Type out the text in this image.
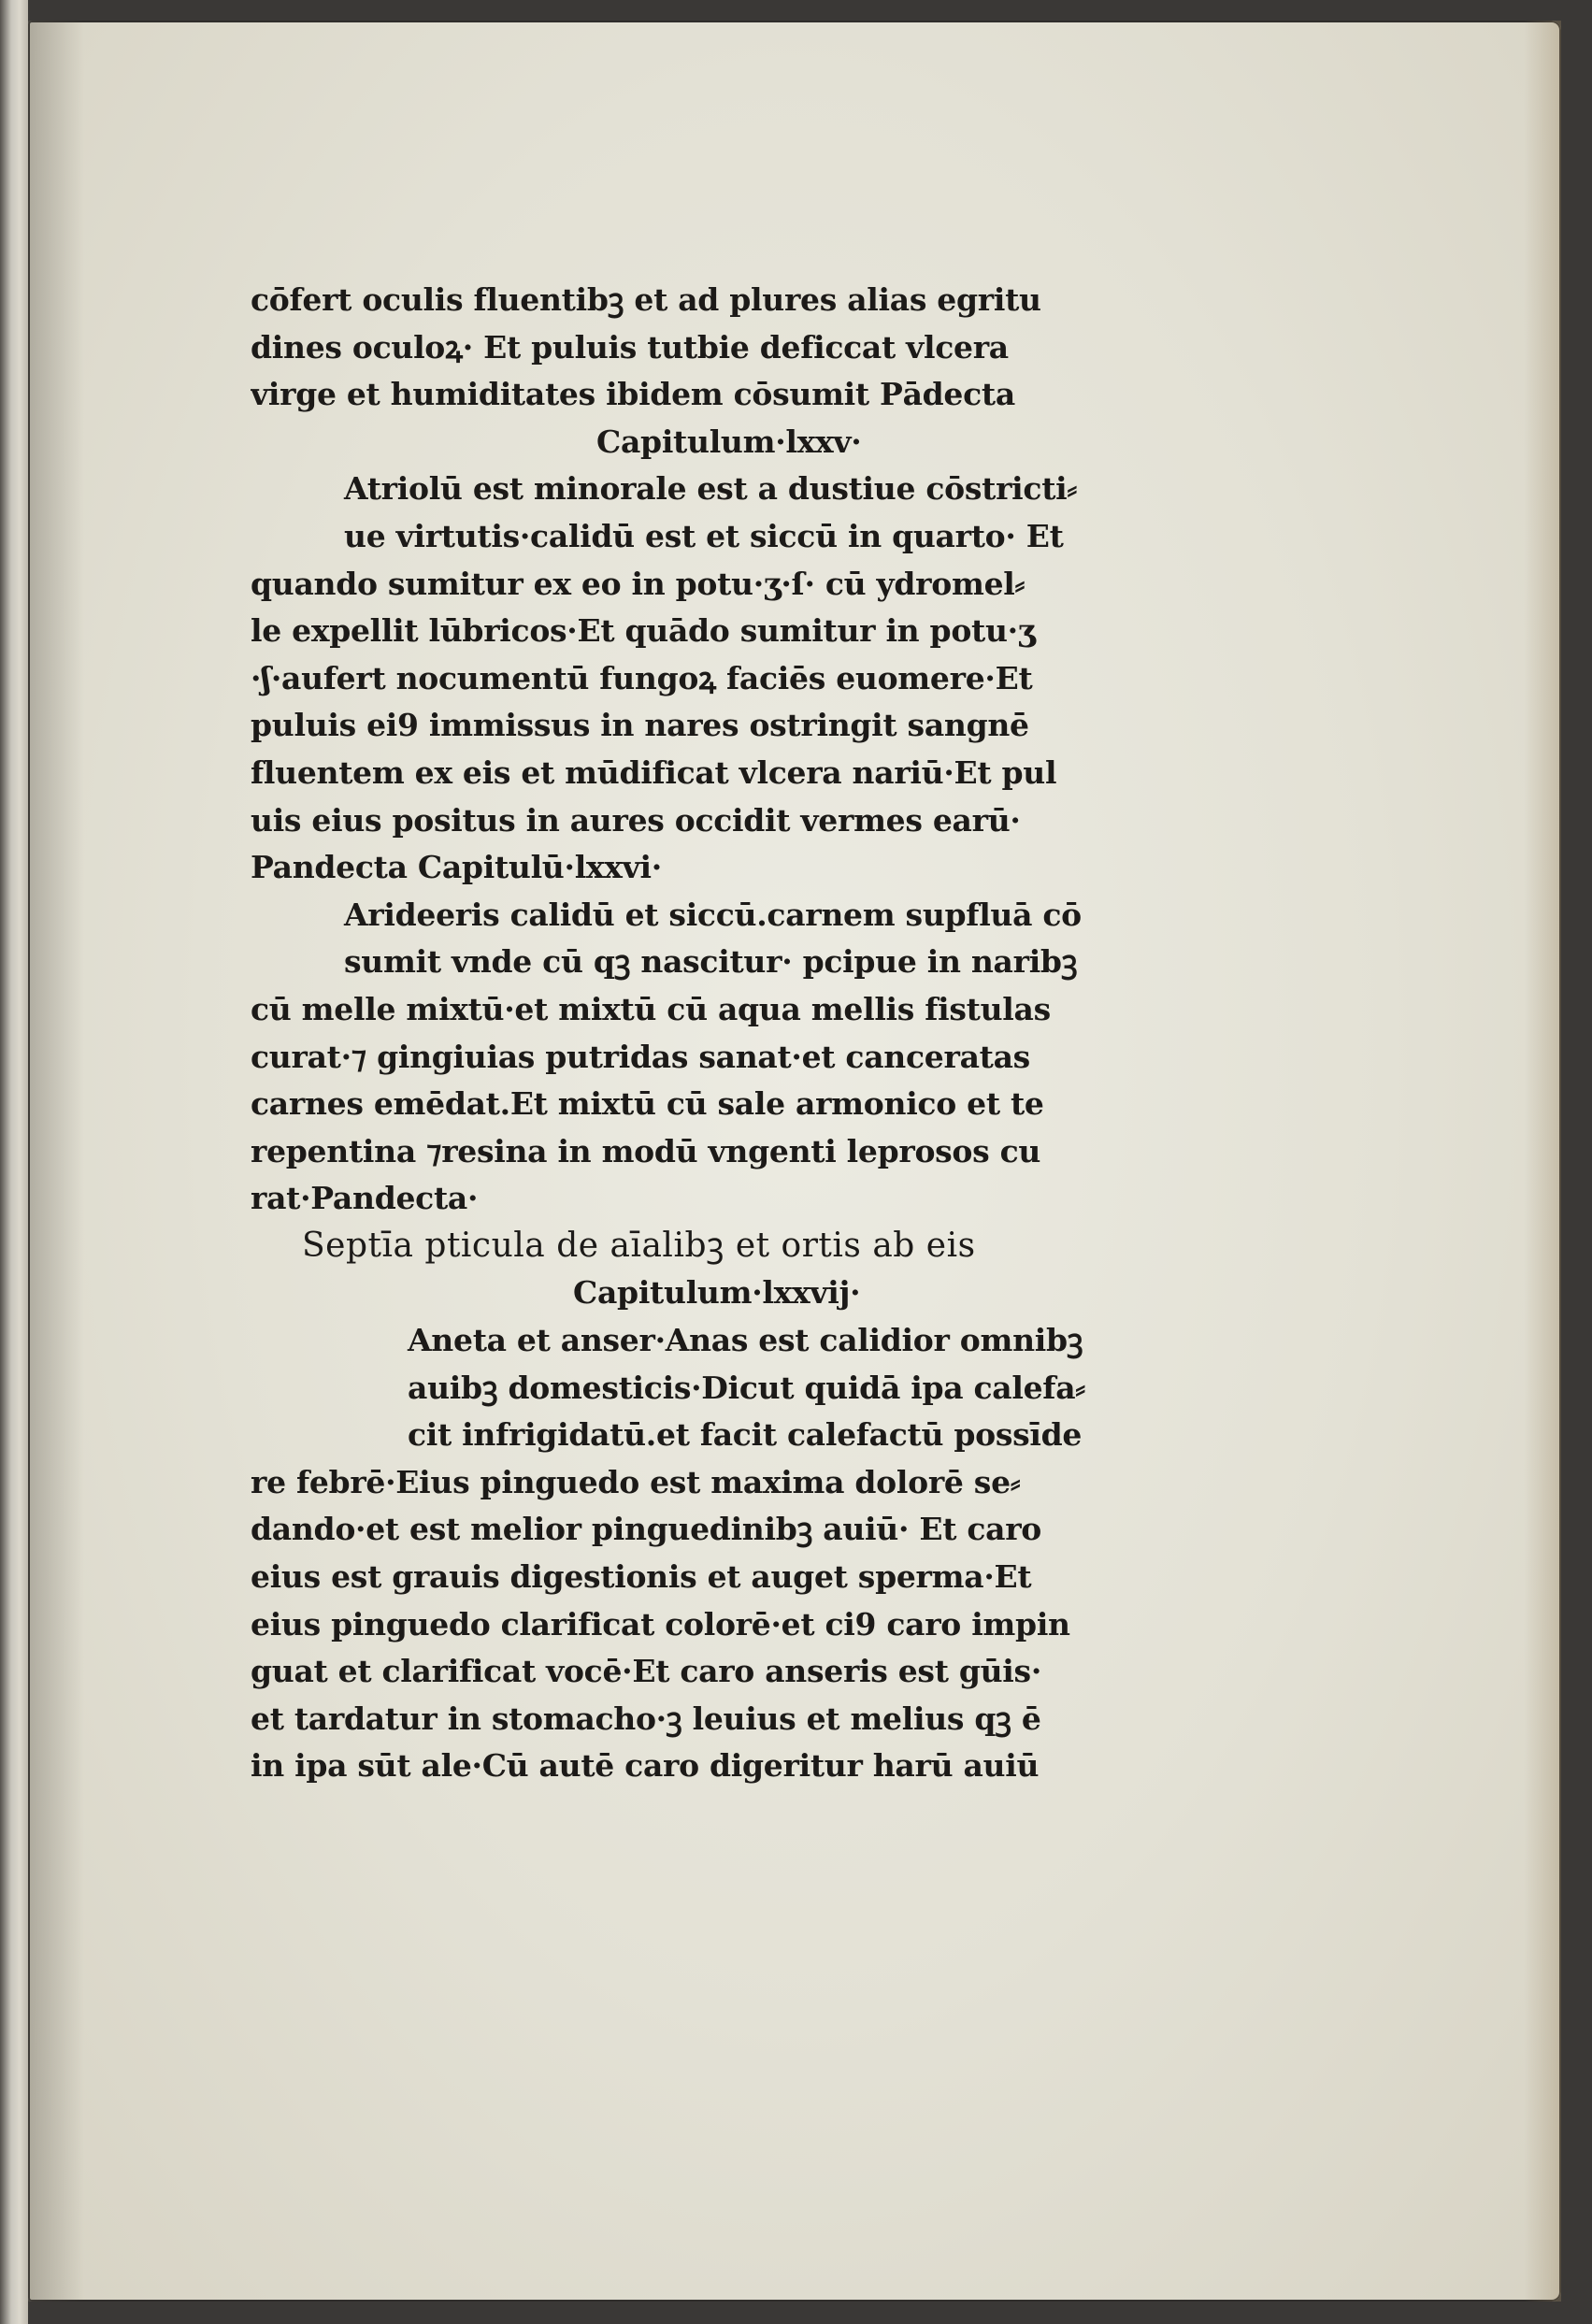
cōfert oculis fluentibꝫ et ad plures alias egritu
dines oculoꝝ· Et puluis tutbie deficcat vlcera
virge et humiditates ibidem cōsumit Pādecta
Capitulum·lxxv·
Atriolū est minorale est a dustiue cōstricti⸗
ue virtutis·calidū est et siccū in quarto· Et
quando sumitur ex eo in potu·ʒ·ſ· cū ydromel⸗
le expellit lūbricos·Et quādo sumitur in potu·ʒ
·ʃ·aufert nocumentū fungoꝝ faciēs euomere·Et
puluis ei9 immissus in nares ostringit sangnē
fluentem ex eis et mūdificat vlcera nariū·Et pul
uis eius positus in aures occidit vermes earū·
Pandecta Capitulū·lxxvi·
Arideeris calidū et siccū.carnem supfluā cō
sumit vnde cū qꝫ nascitur· pcipue in naribꝫ
cū melle mixtū·et mixtū cū aqua mellis fistulas
curat·⁊ gingiuias putridas sanat·et canceratas
carnes emēdat.Et mixtū cū sale armonico et te
repentina ⁊resina in modū vngenti leprosos cu
rat·Pandecta·
Septīa pticula de aīalibꝫ et ortis ab eis
Capitulum·lxxvij·
Aneta et anser·Anas est calidior omnibꝫ
auibꝫ domesticis·Dicut quidā ipa calefa⸗
cit infrigidatū.et facit calefactū possīde
re febrē·Eius pinguedo est maxima dolorē se⸗
dando·et est melior pinguedinibꝫ auiū· Et caro
eius est grauis digestionis et auget sperma·Et
eius pinguedo clarificat colorē·et ci9 caro impin
guat et clarificat vocē·Et caro anseris est gūis·
et tardatur in stomacho·ꝫ leuius et melius qꝫ ē
in ipa sūt ale·Cū autē caro digeritur harū auiū
